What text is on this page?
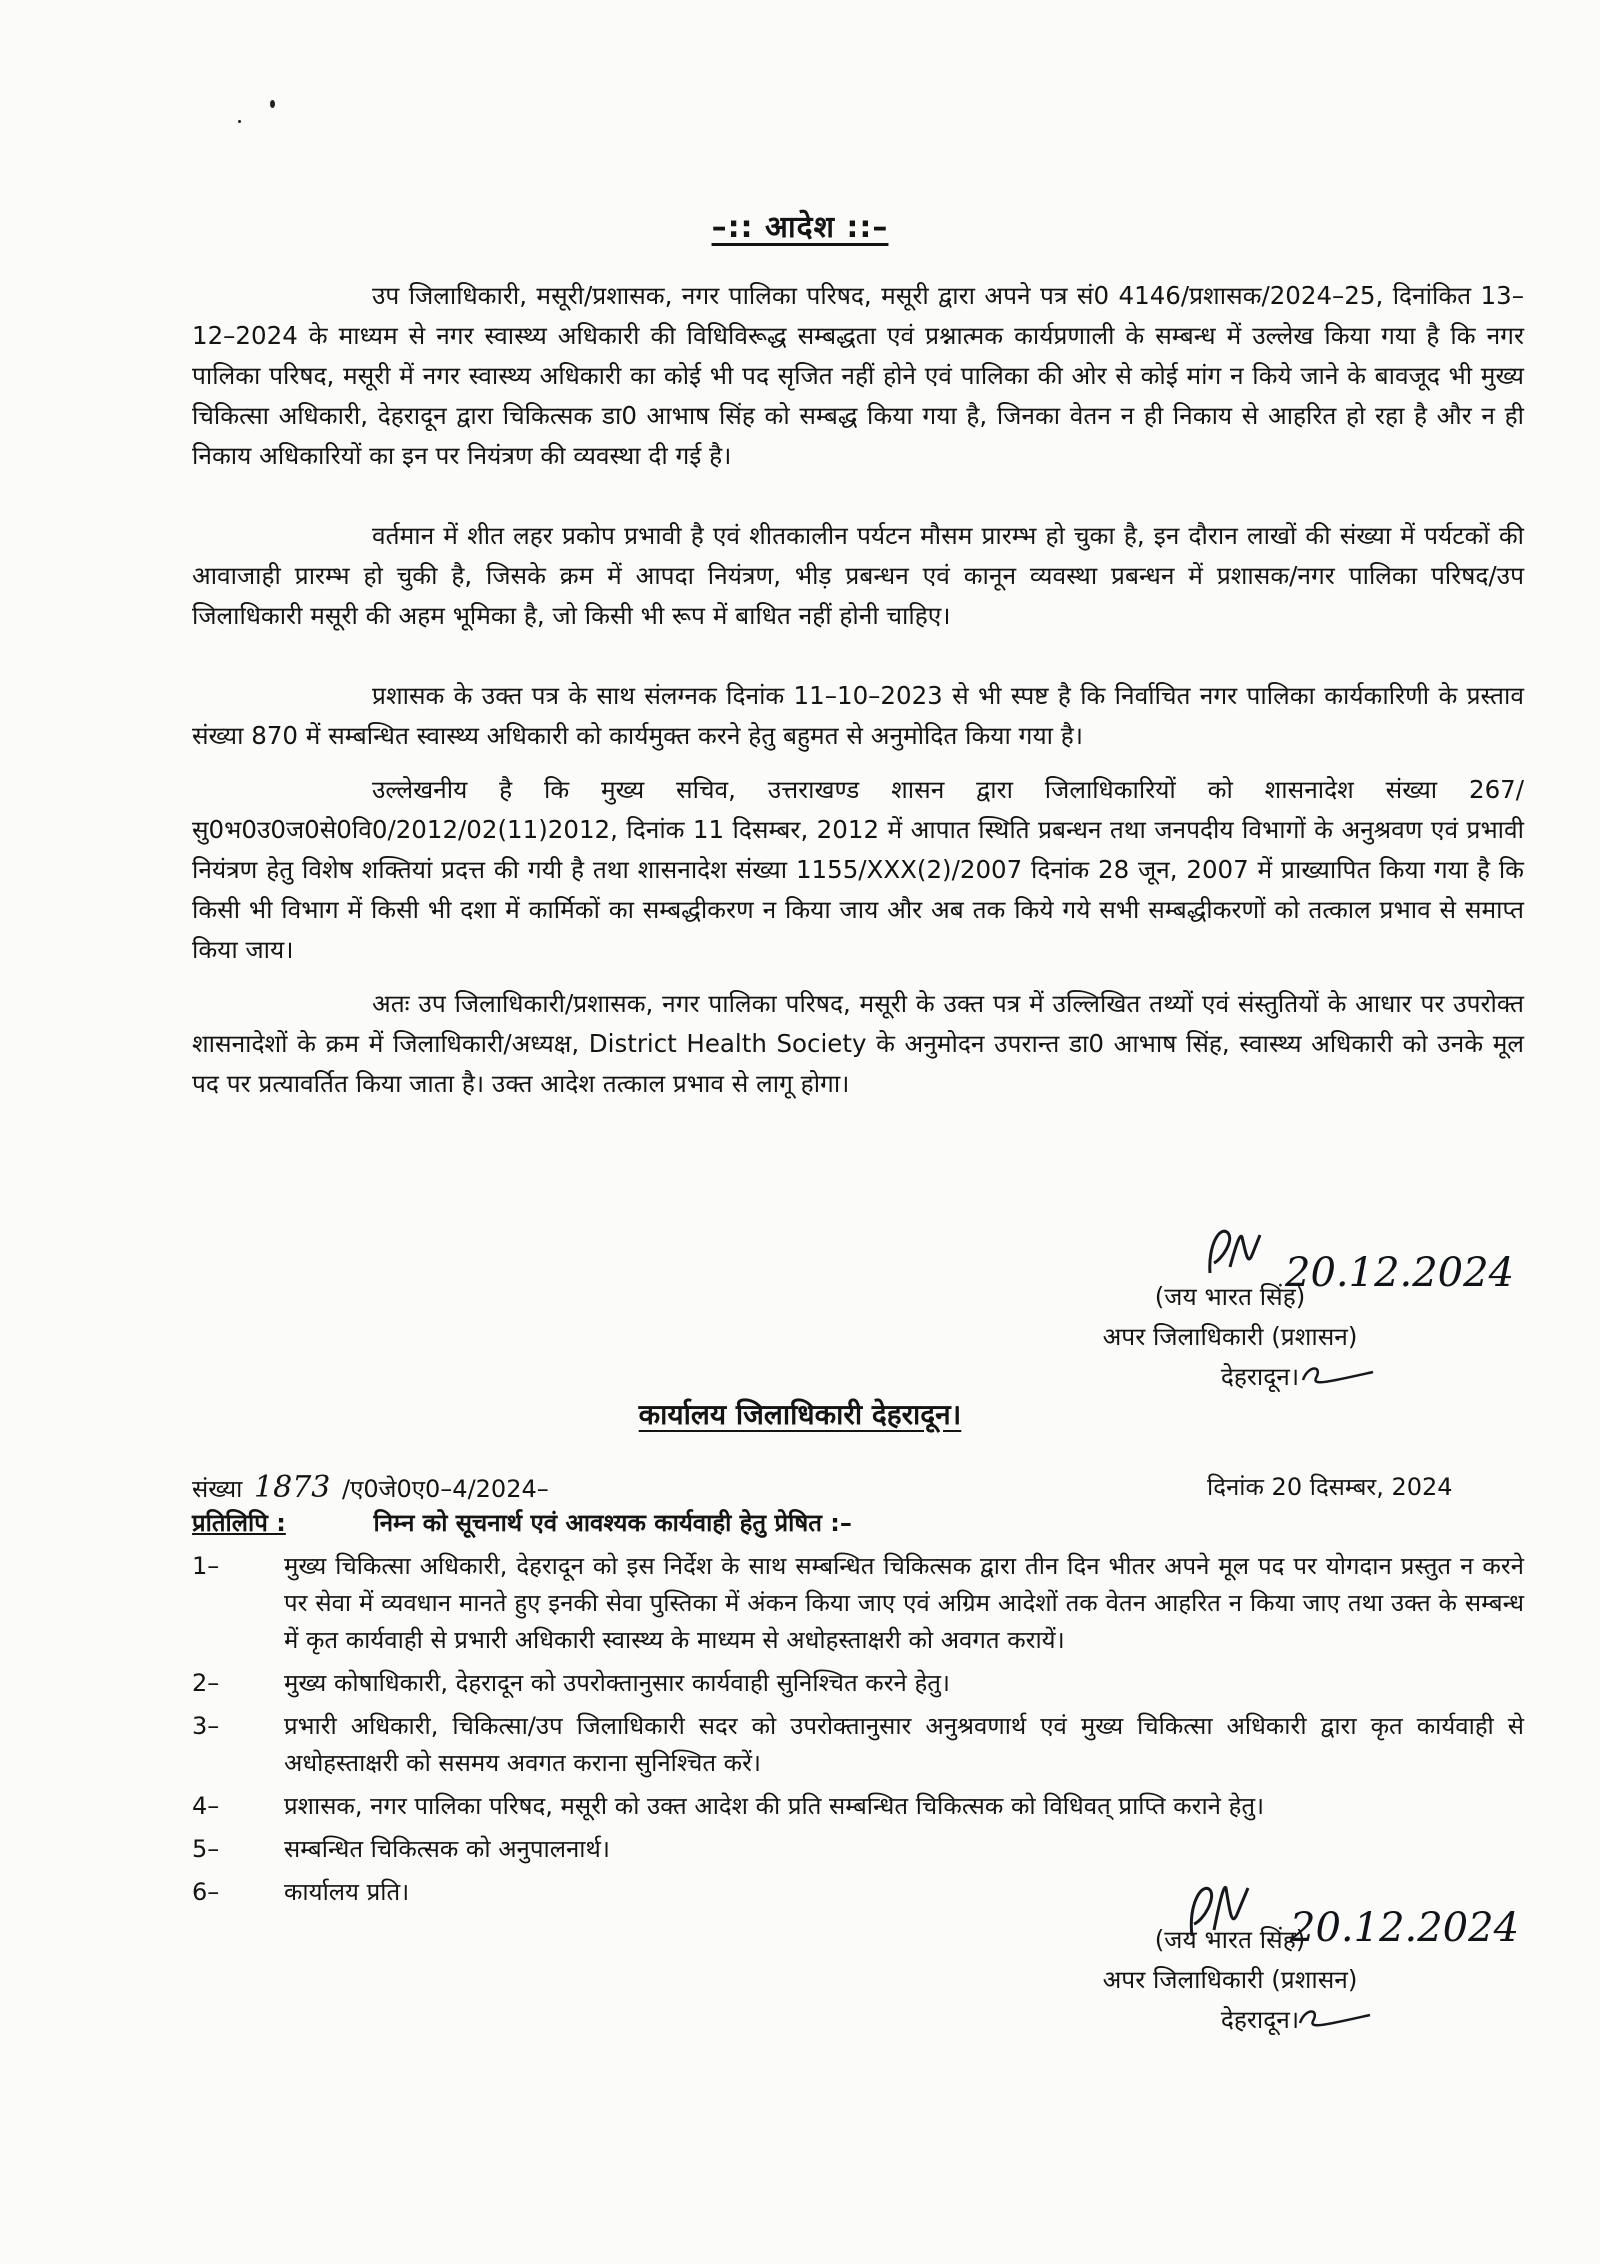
–:: आदेश ::–

उप जिलाधिकारी, मसूरी/प्रशासक, नगर पालिका परिषद, मसूरी द्वारा अपने पत्र सं0 4146/प्रशासक/2024–25, दिनांकित 13–12–2024 के माध्यम से नगर स्वास्थ्य अधिकारी की विधिविरूद्ध सम्बद्धता एवं प्रश्नात्मक कार्यप्रणाली के सम्बन्ध में उल्लेख किया गया है कि नगर पालिका परिषद, मसूरी में नगर स्वास्थ्य अधिकारी का कोई भी पद सृजित नहीं होने एवं पालिका की ओर से कोई मांग न किये जाने के बावजूद भी मुख्य चिकित्सा अधिकारी, देहरादून द्वारा चिकित्सक डा0 आभाष सिंह को सम्बद्ध किया गया है, जिनका वेतन न ही निकाय से आहरित हो रहा है और न ही निकाय अधिकारियों का इन पर नियंत्रण की व्यवस्था दी गई है।

वर्तमान में शीत लहर प्रकोप प्रभावी है एवं शीतकालीन पर्यटन मौसम प्रारम्भ हो चुका है, इन दौरान लाखों की संख्या में पर्यटकों की आवाजाही प्रारम्भ हो चुकी है, जिसके क्रम में आपदा नियंत्रण, भीड़ प्रबन्धन एवं कानून व्यवस्था प्रबन्धन में प्रशासक/नगर पालिका परिषद/उप जिलाधिकारी मसूरी की अहम भूमिका है, जो किसी भी रूप में बाधित नहीं होनी चाहिए।

प्रशासक के उक्त पत्र के साथ संलग्नक दिनांक 11–10–2023 से भी स्पष्ट है कि निर्वाचित नगर पालिका कार्यकारिणी के प्रस्ताव संख्या 870 में सम्बन्धित स्वास्थ्य अधिकारी को कार्यमुक्त करने हेतु बहुमत से अनुमोदित किया गया है।

उल्लेखनीय है कि मुख्य सचिव, उत्तराखण्ड शासन द्वारा जिलाधिकारियों को शासनादेश संख्या 267/सु0भ0उ0ज0से0वि0/2012/02(11)2012, दिनांक 11 दिसम्बर, 2012 में आपात स्थिति प्रबन्धन तथा जनपदीय विभागों के अनुश्रवण एवं प्रभावी नियंत्रण हेतु विशेष शक्तियां प्रदत्त की गयी है तथा शासनादेश संख्या 1155/XXX(2)/2007 दिनांक 28 जून, 2007 में प्राख्यापित किया गया है कि किसी भी विभाग में किसी भी दशा में कार्मिकों का सम्बद्धीकरण न किया जाय और अब तक किये गये सभी सम्बद्धीकरणों को तत्काल प्रभाव से समाप्त किया जाय।

अतः उप जिलाधिकारी/प्रशासक, नगर पालिका परिषद, मसूरी के उक्त पत्र में उल्लिखित तथ्यों एवं संस्तुतियों के आधार पर उपरोक्त शासनादेशों के क्रम में जिलाधिकारी/अध्यक्ष, District Health Society के अनुमोदन उपरान्त डा0 आभाष सिंह, स्वास्थ्य अधिकारी को उनके मूल पद पर प्रत्यावर्तित किया जाता है। उक्त आदेश तत्काल प्रभाव से लागू होगा।

20.12.2024
(जय भारत सिंह)
अपर जिलाधिकारी (प्रशासन)
देहरादून।
कार्यालय जिलाधिकारी देहरादून।
संख्या 1873 /ए0जे0ए0–4/2024–	दिनांक 20 दिसम्बर, 2024
प्रतिलिपि :	निम्न को सूचनार्थ एवं आवश्यक कार्यवाही हेतु प्रेषित :–
1–	मुख्य चिकित्सा अधिकारी, देहरादून को इस निर्देश के साथ सम्बन्धित चिकित्सक द्वारा तीन दिन भीतर अपने मूल पद पर योगदान प्रस्तुत न करने पर सेवा में व्यवधान मानते हुए इनकी सेवा पुस्तिका में अंकन किया जाए एवं अग्रिम आदेशों तक वेतन आहरित न किया जाए तथा उक्त के सम्बन्ध में कृत कार्यवाही से प्रभारी अधिकारी स्वास्थ्य के माध्यम से अधोहस्ताक्षरी को अवगत करायें।
2–	मुख्य कोषाधिकारी, देहरादून को उपरोक्तानुसार कार्यवाही सुनिश्चित करने हेतु।
3–	प्रभारी अधिकारी, चिकित्सा/उप जिलाधिकारी सदर को उपरोक्तानुसार अनुश्रवणार्थ एवं मुख्य चिकित्सा अधिकारी द्वारा कृत कार्यवाही से अधोहस्ताक्षरी को ससमय अवगत कराना सुनिश्चित करें।
4–	प्रशासक, नगर पालिका परिषद, मसूरी को उक्त आदेश की प्रति सम्बन्धित चिकित्सक को विधिवत् प्राप्ति कराने हेतु।
5–	सम्बन्धित चिकित्सक को अनुपालनार्थ।
6–	कार्यालय प्रति।
20.12.2024
(जय भारत सिंह)
अपर जिलाधिकारी (प्रशासन)
देहरादून।
